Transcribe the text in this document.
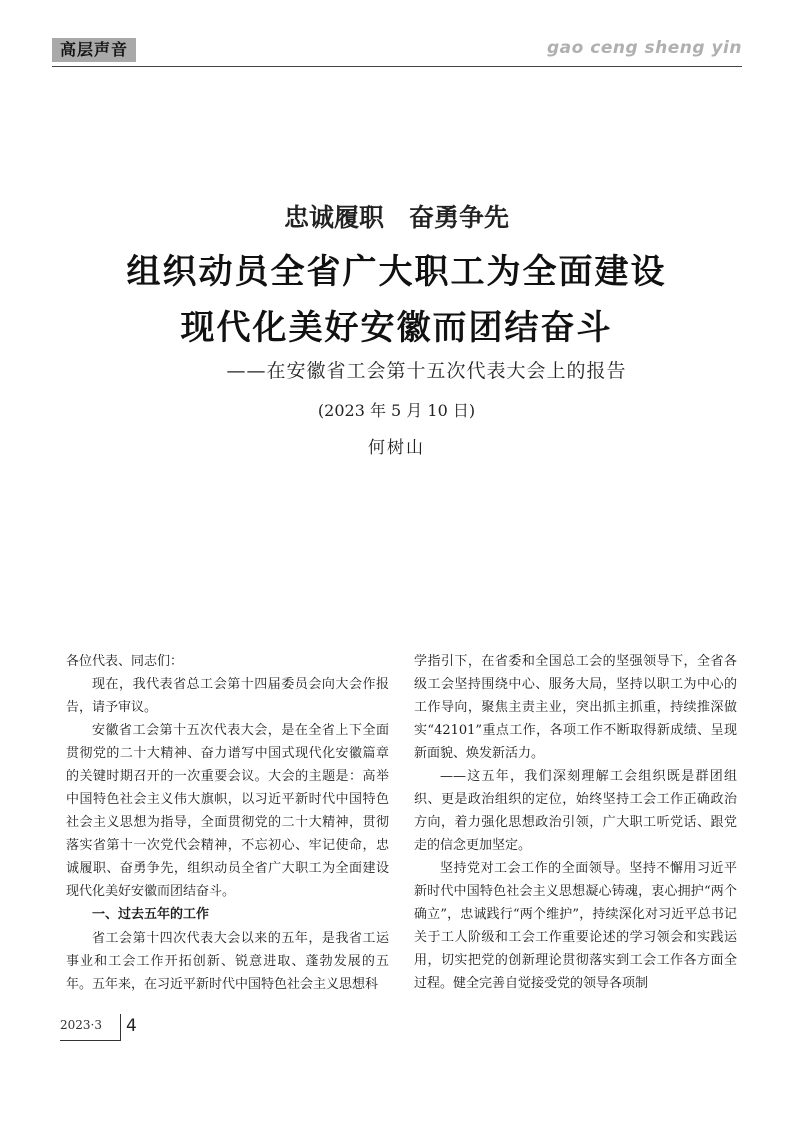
高层声音	gao ceng sheng yin
忠诚履职　奋勇争先
组织动员全省广大职工为全面建设
现代化美好安徽而团结奋斗
——在安徽省工会第十五次代表大会上的报告
(2023 年 5 月 10 日)
何树山

各位代表、同志们：

现在，我代表省总工会第十四届委员会向大会作报告，请予审议。

安徽省工会第十五次代表大会，是在全省上下全面贯彻党的二十大精神、奋力谱写中国式现代化安徽篇章的关键时期召开的一次重要会议。大会的主题是：高举中国特色社会主义伟大旗帜，以习近平新时代中国特色社会主义思想为指导，全面贯彻党的二十大精神，贯彻落实省第十一次党代会精神，不忘初心、牢记使命，忠诚履职、奋勇争先，组织动员全省广大职工为全面建设现代化美好安徽而团结奋斗。

一、过去五年的工作

省工会第十四次代表大会以来的五年，是我省工运事业和工会工作开拓创新、锐意进取、蓬勃发展的五年。五年来，在习近平新时代中国特色社会主义思想科

学指引下，在省委和全国总工会的坚强领导下，全省各级工会坚持围绕中心、服务大局，坚持以职工为中心的工作导向，聚焦主责主业，突出抓主抓重，持续推深做实“42101”重点工作，各项工作不断取得新成绩、呈现新面貌、焕发新活力。

——这五年，我们深刻理解工会组织既是群团组织、更是政治组织的定位，始终坚持工会工作正确政治方向，着力强化思想政治引领，广大职工听党话、跟党走的信念更加坚定。

坚持党对工会工作的全面领导。坚持不懈用习近平新时代中国特色社会主义思想凝心铸魂，衷心拥护“两个确立”，忠诚践行“两个维护”，持续深化对习近平总书记关于工人阶级和工会工作重要论述的学习领会和实践运用，切实把党的创新理论贯彻落实到工会工作各方面全过程。健全完善自觉接受党的领导各项制

2023·3 4
